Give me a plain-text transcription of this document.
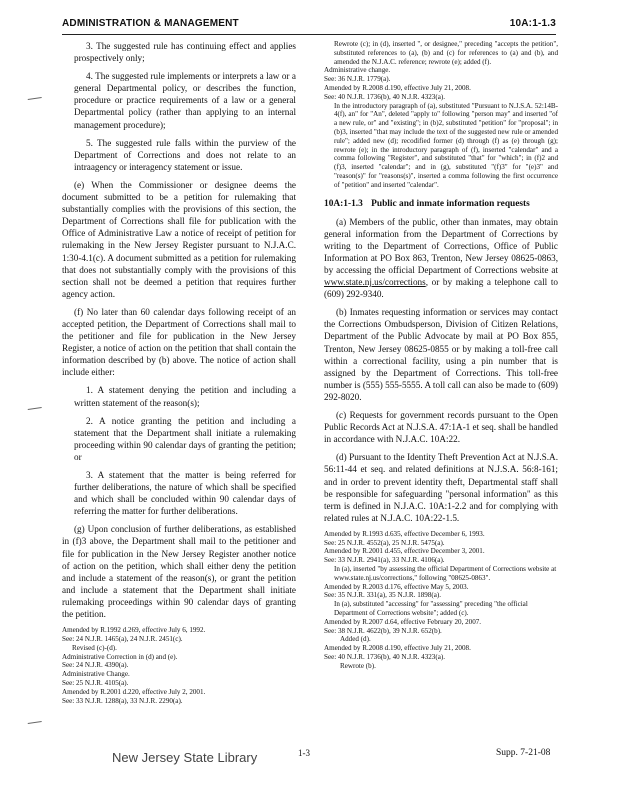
ADMINISTRATION & MANAGEMENT	10A:1-1.3

3. The suggested rule has continuing effect and applies prospectively only;

4. The suggested rule implements or interprets a law or a general Departmental policy, or describes the function, procedure or practice requirements of a law or a general Departmental policy (rather than applying to an internal management procedure);

5. The suggested rule falls within the purview of the Department of Corrections and does not relate to an intraagency or interagency statement or issue.

(e) When the Commissioner or designee deems the document submitted to be a petition for rulemaking that substantially complies with the provisions of this section, the Department of Corrections shall file for publication with the Office of Administrative Law a notice of receipt of petition for rulemaking in the New Jersey Register pursuant to N.J.A.C. 1:30-4.1(c). A document submitted as a petition for rulemaking that does not substantially comply with the provisions of this section shall not be deemed a petition that requires further agency action.

(f) No later than 60 calendar days following receipt of an accepted petition, the Department of Corrections shall mail to the petitioner and file for publication in the New Jersey Register, a notice of action on the petition that shall contain the information described by (b) above. The notice of action shall include either:

1. A statement denying the petition and including a written statement of the reason(s);

2. A notice granting the petition and including a statement that the Department shall initiate a rulemaking proceeding within 90 calendar days of granting the petition; or

3. A statement that the matter is being referred for further deliberations, the nature of which shall be specified and which shall be concluded within 90 calendar days of referring the matter for further deliberations.

(g) Upon conclusion of further deliberations, as established in (f)3 above, the Department shall mail to the petitioner and file for publication in the New Jersey Register another notice of action on the petition, which shall either deny the petition and include a statement of the reason(s), or grant the petition and include a statement that the Department shall initiate rulemaking proceedings within 90 calendar days of granting the petition.

Amended by R.1992 d.269, effective July 6, 1992.
See: 24 N.J.R. 1465(a), 24 N.J.R. 2451(c).
Revised (c)-(d).
Administrative Correction in (d) and (e).
See: 24 N.J.R. 4390(a).
Administrative Change.
See: 25 N.J.R. 4105(a).
Amended by R.2001 d.220, effective July 2, 2001.
See: 33 N.J.R. 1288(a), 33 N.J.R. 2290(a).
Rewrote (c); in (d), inserted ", or designee," preceding "accepts the petition", substituted references to (a), (b) and (c) for references to (a) and (b), and amended the N.J.A.C. reference; rewrote (e); added (f).
Administrative change.
See: 36 N.J.R. 1779(a).
Amended by R.2008 d.190, effective July 21, 2008.
See: 40 N.J.R. 1736(b), 40 N.J.R. 4323(a).
In the introductory paragraph of (a), substituted "Pursuant to N.J.S.A. 52:14B-4(f), an" for "An", deleted "apply to" following "person may" and inserted "of a new rule, or" and "existing"; in (b)2, substituted "petition" for "proposal"; in (b)3, inserted "that may include the text of the suggested new rule or amended rule"; added new (d); recodified former (d) through (f) as (e) through (g); rewrote (e); in the introductory paragraph of (f), inserted "calendar" and a comma following "Register", and substituted "that" for "which"; in (f)2 and (f)3, inserted "calendar"; and in (g), substituted "(f)3" for "(e)3" and "reason(s)" for "reasons(s)", inserted a comma following the first occurrence of "petition" and inserted "calendar".
10A:1-1.3 Public and inmate information requests

(a) Members of the public, other than inmates, may obtain general information from the Department of Corrections by writing to the Department of Corrections, Office of Public Information at PO Box 863, Trenton, New Jersey 08625-0863, by accessing the official Department of Corrections website at www.state.nj.us/corrections, or by making a telephone call to (609) 292-9340.

(b) Inmates requesting information or services may contact the Corrections Ombudsperson, Division of Citizen Relations, Department of the Public Advocate by mail at PO Box 855, Trenton, New Jersey 08625-0855 or by making a toll-free call within a correctional facility, using a pin number that is assigned by the Department of Corrections. This toll-free number is (555) 555-5555. A toll call can also be made to (609) 292-8020.

(c) Requests for government records pursuant to the Open Public Records Act at N.J.S.A. 47:1A-1 et seq. shall be handled in accordance with N.J.A.C. 10A:22.

(d) Pursuant to the Identity Theft Prevention Act at N.J.S.A. 56:11-44 et seq. and related definitions at N.J.S.A. 56:8-161; and in order to prevent identity theft, Departmental staff shall be responsible for safeguarding "personal information" as this term is defined in N.J.A.C. 10A:1-2.2 and for complying with related rules at N.J.A.C. 10A:22-1.5.

Amended by R.1993 d.635, effective December 6, 1993.
See: 25 N.J.R. 4552(a), 25 N.J.R. 5475(a).
Amended by R.2001 d.455, effective December 3, 2001.
See: 33 N.J.R. 2941(a), 33 N.J.R. 4106(a).
In (a), inserted "by assessing the official Department of Corrections website at www.state.nj.us/corrections," following "08625-0863".
Amended by R.2003 d.176, effective May 5, 2003.
See: 35 N.J.R. 331(a), 35 N.J.R. 1898(a).
In (a), substituted "accessing" for "assessing" preceding "the official Department of Corrections website"; added (c).
Amended by R.2007 d.64, effective February 20, 2007.
See: 38 N.J.R. 4622(b), 39 N.J.R. 652(b).
Added (d).
Amended by R.2008 d.190, effective July 21, 2008.
See: 40 N.J.R. 1736(b), 40 N.J.R. 4323(a).
Rewrote (b).
New Jersey State Library	1-3	Supp. 7-21-08
